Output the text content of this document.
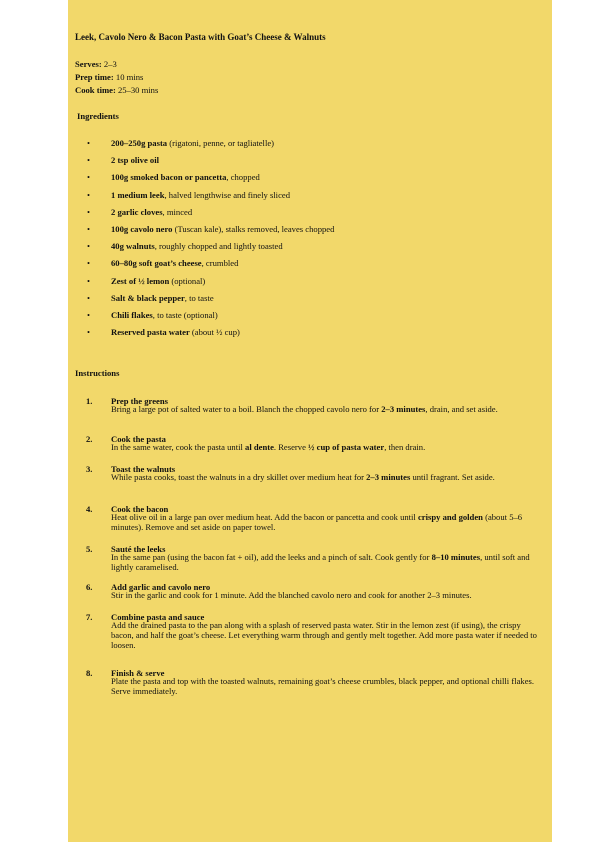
Leek, Cavolo Nero & Bacon Pasta with Goat’s Cheese & Walnuts
Serves: 2–3
Prep time: 10 mins
Cook time: 25–30 mins
Ingredients
• 200–250g pasta (rigatoni, penne, or tagliatelle)
• 2 tsp olive oil
• 100g smoked bacon or pancetta, chopped
• 1 medium leek, halved lengthwise and finely sliced
• 2 garlic cloves, minced
• 100g cavolo nero (Tuscan kale), stalks removed, leaves chopped
• 40g walnuts, roughly chopped and lightly toasted
• 60–80g soft goat’s cheese, crumbled
• Zest of ½ lemon (optional)
• Salt & black pepper, to taste
• Chili flakes, to taste (optional)
• Reserved pasta water (about ½ cup)
Instructions
1. Prep the greens
Bring a large pot of salted water to a boil. Blanch the chopped cavolo nero for 2–3 minutes, drain, and set aside.
2. Cook the pasta
In the same water, cook the pasta until al dente. Reserve ½ cup of pasta water, then drain.
3. Toast the walnuts
While pasta cooks, toast the walnuts in a dry skillet over medium heat for 2–3 minutes until fragrant. Set aside.
4. Cook the bacon
Heat olive oil in a large pan over medium heat. Add the bacon or pancetta and cook until crispy and golden (about 5–6 minutes). Remove and set aside on paper towel.
5. Sauté the leeks
In the same pan (using the bacon fat + oil), add the leeks and a pinch of salt. Cook gently for 8–10 minutes, until soft and lightly caramelised.
6. Add garlic and cavolo nero
Stir in the garlic and cook for 1 minute. Add the blanched cavolo nero and cook for another 2–3 minutes.
7. Combine pasta and sauce
Add the drained pasta to the pan along with a splash of reserved pasta water. Stir in the lemon zest (if using), the crispy bacon, and half the goat’s cheese. Let everything warm through and gently melt together. Add more pasta water if needed to loosen.
8. Finish & serve
Plate the pasta and top with the toasted walnuts, remaining goat’s cheese crumbles, black pepper, and optional chilli flakes. Serve immediately.
